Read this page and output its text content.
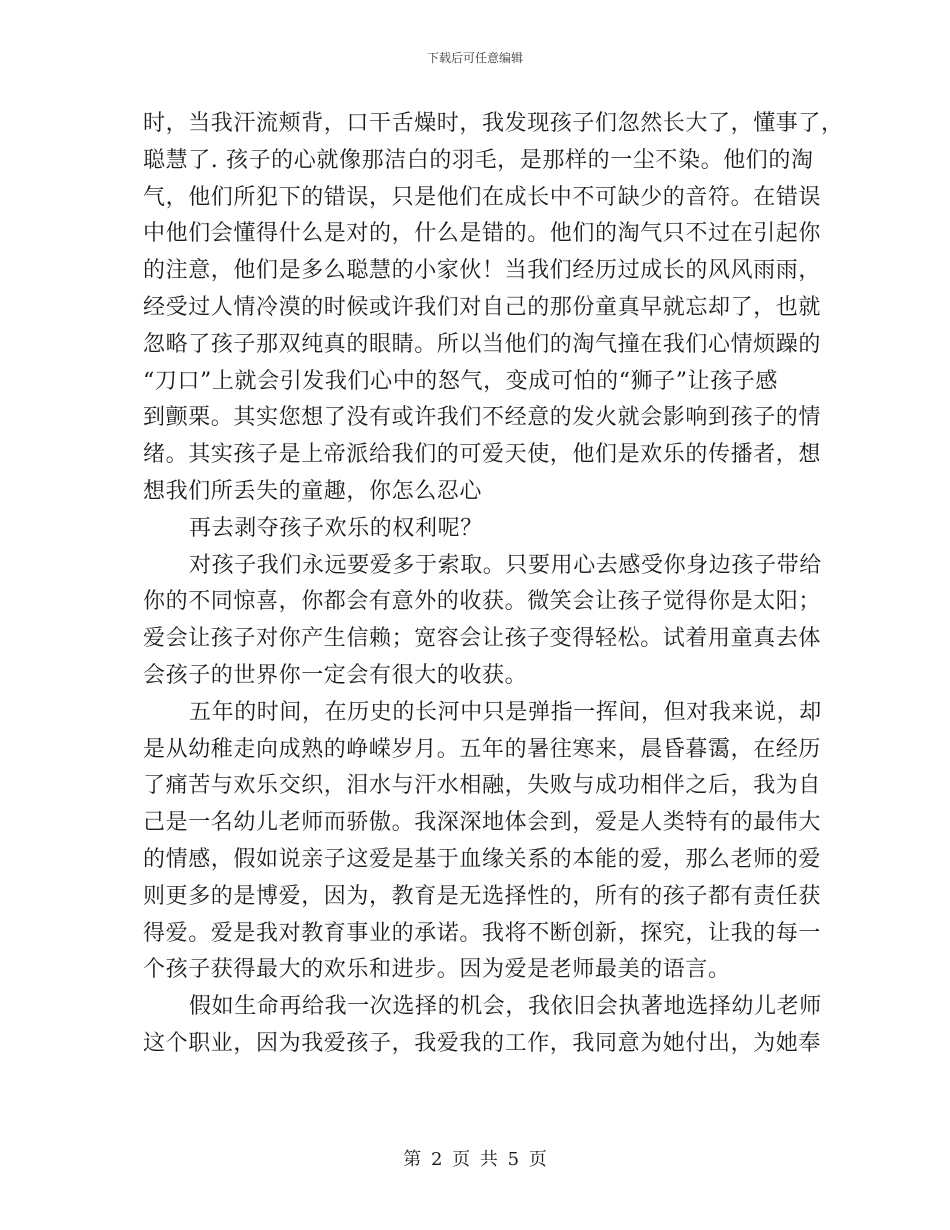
下载后可任意编辑
时，当我汗流颊背，口干舌燥时，我发现孩子们忽然长大了，懂事了，
聪慧了. 孩子的心就像那洁白的羽毛，是那样的一尘不染。他们的淘
气，他们所犯下的错误，只是他们在成长中不可缺少的音符。在错误
中他们会懂得什么是对的，什么是错的。他们的淘气只不过在引起你
的注意，他们是多么聪慧的小家伙！当我们经历过成长的风风雨雨，
经受过人情冷漠的时候或许我们对自己的那份童真早就忘却了，也就
忽略了孩子那双纯真的眼睛。所以当他们的淘气撞在我们心情烦躁的
“刀口”上就会引发我们心中的怒气，变成可怕的“狮子”让孩子感
到颤栗。其实您想了没有或许我们不经意的发火就会影响到孩子的情
绪。其实孩子是上帝派给我们的可爱天使，他们是欢乐的传播者，想
想我们所丢失的童趣，你怎么忍心
再去剥夺孩子欢乐的权利呢？
对孩子我们永远要爱多于索取。只要用心去感受你身边孩子带给
你的不同惊喜，你都会有意外的收获。微笑会让孩子觉得你是太阳；
爱会让孩子对你产生信赖；宽容会让孩子变得轻松。试着用童真去体
会孩子的世界你一定会有很大的收获。
五年的时间，在历史的长河中只是弹指一挥间，但对我来说，却
是从幼稚走向成熟的峥嵘岁月。五年的暑往寒来，晨昏暮霭，在经历
了痛苦与欢乐交织，泪水与汗水相融，失败与成功相伴之后，我为自
己是一名幼儿老师而骄傲。我深深地体会到，爱是人类特有的最伟大
的情感，假如说亲子这爱是基于血缘关系的本能的爱，那么老师的爱
则更多的是博爱，因为，教育是无选择性的，所有的孩子都有责任获
得爱。爱是我对教育事业的承诺。我将不断创新，探究，让我的每一
个孩子获得最大的欢乐和进步。因为爱是老师最美的语言。
假如生命再给我一次选择的机会，我依旧会执著地选择幼儿老师
这个职业，因为我爱孩子，我爱我的工作，我同意为她付出，为她奉
第 2 页 共 5 页
